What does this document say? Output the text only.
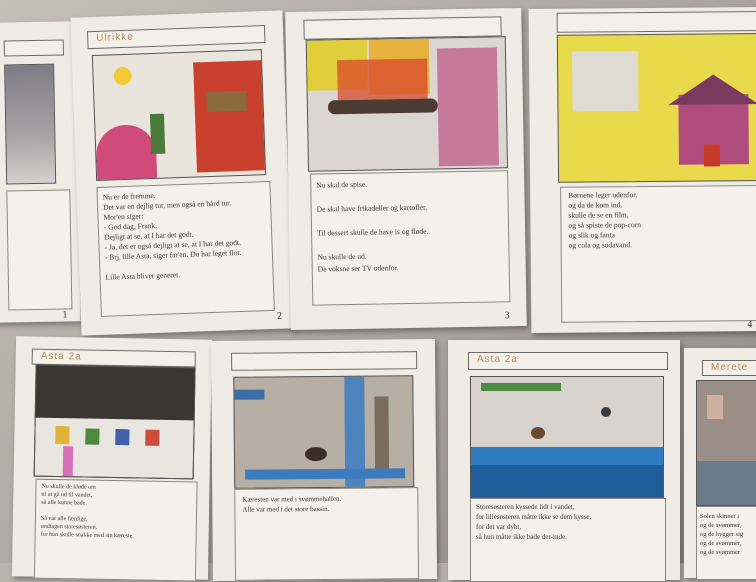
1
Ulrikke
Nu er de fremme.
Det var en dejlig tur, men også en hård tur.
Mor'en siger:
- God dag, Frank.
Dejligt at se, at I har det godt.
- Ja, det er også dejligt at se, at I har det godt.
- Brj, lille Asta, siger far'en. Du har leget flot.

Lille Asta bliver generet.
2
Nu skal de spise.

De skal have frikadeller og kartofler.

Til dessert skulle de have is og fløde.

Nu skulle de ud.
De voksne ser TV udenfor.
3
Børnene leger udenfor,
og da de kom ind,
skulle de se en film,
og så spiste de pop-corn
og slik og fanta
og cola og sodavand.
4
Asta 2a
Nu skulle de kløde om
til at gå ud til vandet,
så alle kunne bade.

Så var alle færdige,
undtagen storesøsteren,
for hun skulle snakke med sin kæreste.
Kæresten var med i svømmehallen.
Alle var med i det store bassin.
Asta 2a
Storesøsteren kyssede lidt i vandet,
for lillesøsteren måtte ikke se dem kysse,
for det var dybt,
så hun måtte ikke bade der-inde.
Merete
Solen skinner i
og de svømmer,
og de hygger sig
og de svømmer,
og de svømmer
